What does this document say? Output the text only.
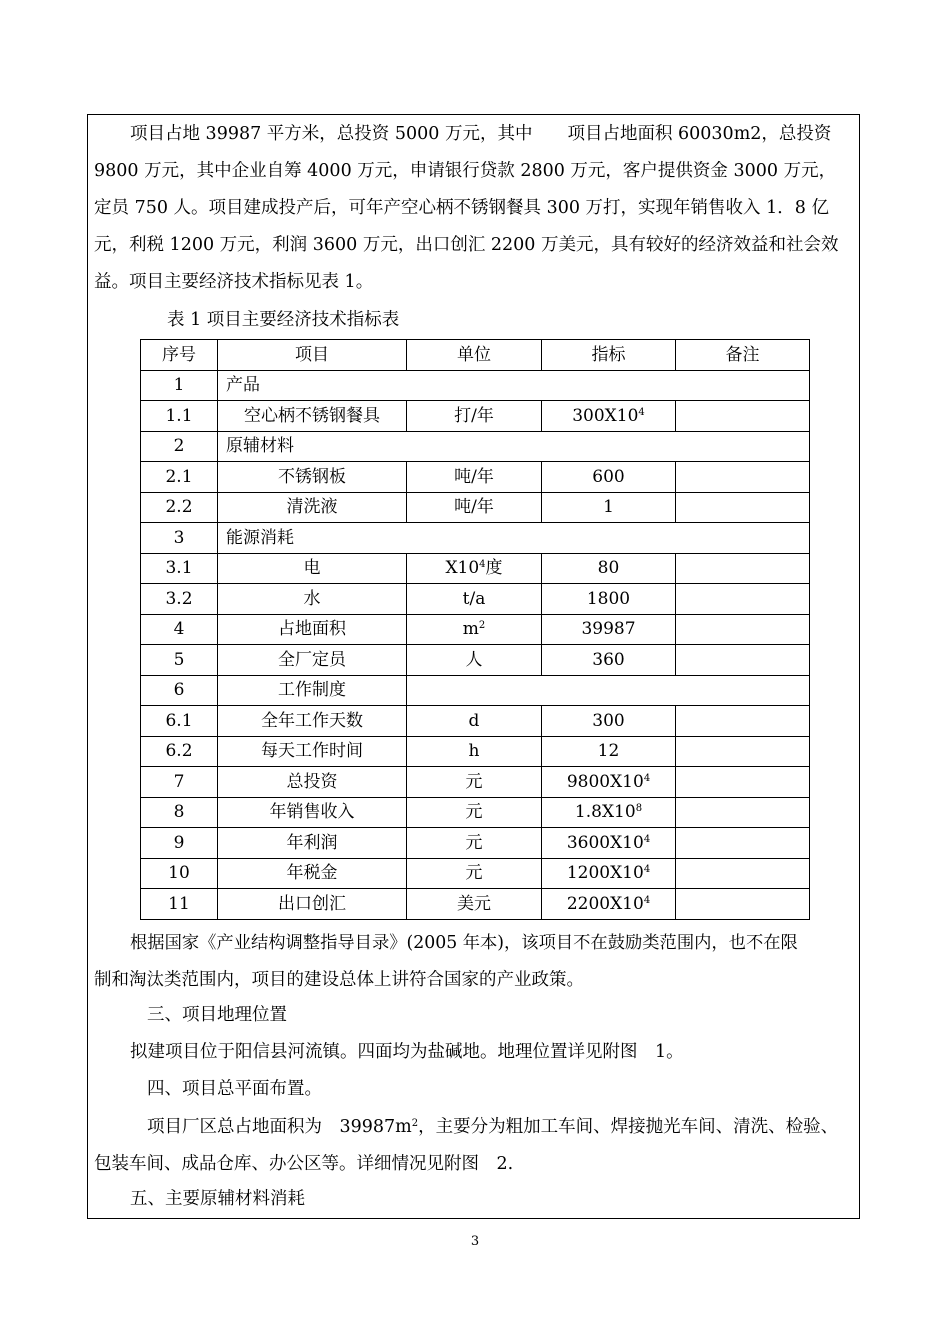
项目占地 39987 平方米，总投资 5000 万元，其中　　项目占地面积 60030m2，总投资
9800 万元，其中企业自筹 4000 万元，申请银行贷款 2800 万元，客户提供资金 3000 万元，
定员 750 人。项目建成投产后，可年产空心柄不锈钢餐具 300 万打，实现年销售收入 1．8 亿
元，利税 1200 万元，利润 3600 万元，出口创汇 2200 万美元，具有较好的经济效益和社会效
益。项目主要经济技术指标见表 1。
表 1 项目主要经济技术指标表
序号	项目	单位	指标	备注
1	产品			
1.1	空心柄不锈钢餐具	打/年	$300X10^4$	
2	原辅材料			
2.1	不锈钢板	吨/年	600	
2.2	清洗液	吨/年	1	
3	能源消耗			
3.1	电	$X10^4$度	80	
3.2	水	t/a	1800	
4	占地面积	$m^2$	39987	
5	全厂定员	人	360	
6	工作制度			
6.1	全年工作天数	d	300	
6.2	每天工作时间	h	12	
7	总投资	元	$9800X10^4$	
8	年销售收入	元	$1.8X10^8$	
9	年利润	元	$3600X10^4$	
10	年税金	元	$1200X10^4$	
11	出口创汇	美元	$2200X10^4$	
根据国家《产业结构调整指导目录》(2005 年本)，该项目不在鼓励类范围内，也不在限
制和淘汰类范围内，项目的建设总体上讲符合国家的产业政策。
三、项目地理位置
拟建项目位于阳信县河流镇。四面均为盐碱地。地理位置详见附图　1。
四、项目总平面布置。
项目厂区总占地面积为　$39987m^2$，主要分为粗加工车间、焊接抛光车间、清洗、检验、
包装车间、成品仓库、办公区等。详细情况见附图　2.
五、主要原辅材料消耗
3
